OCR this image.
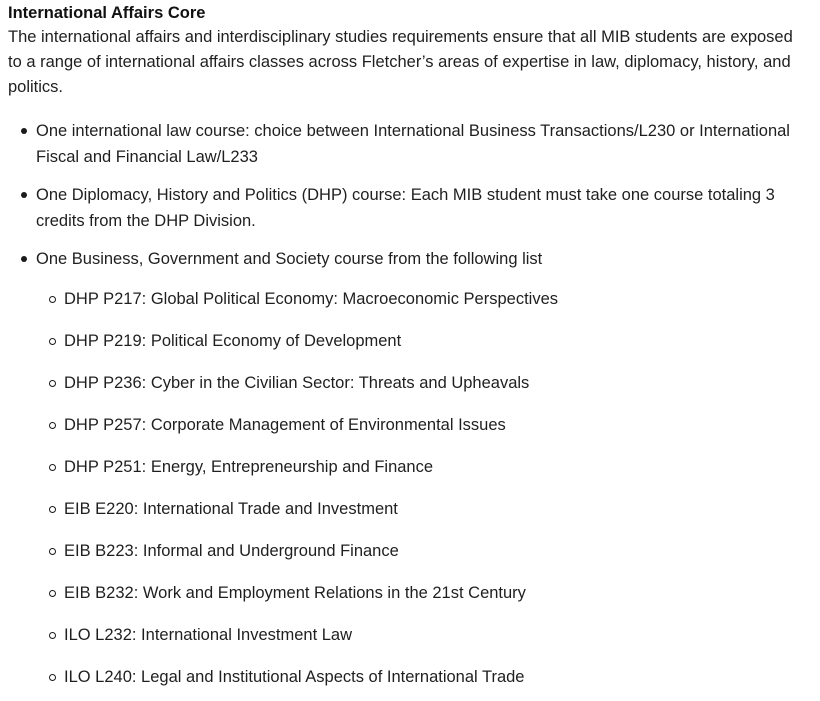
International Affairs Core

The international affairs and interdisciplinary studies requirements ensure that all MIB students are exposed to a range of international affairs classes across Fletcher’s areas of expertise in law, diplomacy, history, and politics.

One international law course: choice between International Business Transactions/L230 or International Fiscal and Financial Law/L233
One Diplomacy, History and Politics (DHP) course: Each MIB student must take one course totaling 3 credits from the DHP Division.
One Business, Government and Society course from the following list
DHP P217: Global Political Economy: Macroeconomic Perspectives
DHP P219: Political Economy of Development
DHP P236: Cyber in the Civilian Sector: Threats and Upheavals
DHP P257: Corporate Management of Environmental Issues
DHP P251: Energy, Entrepreneurship and Finance
EIB E220: International Trade and Investment
EIB B223: Informal and Underground Finance
EIB B232: Work and Employment Relations in the 21st Century
ILO L232: International Investment Law
ILO L240: Legal and Institutional Aspects of International Trade
